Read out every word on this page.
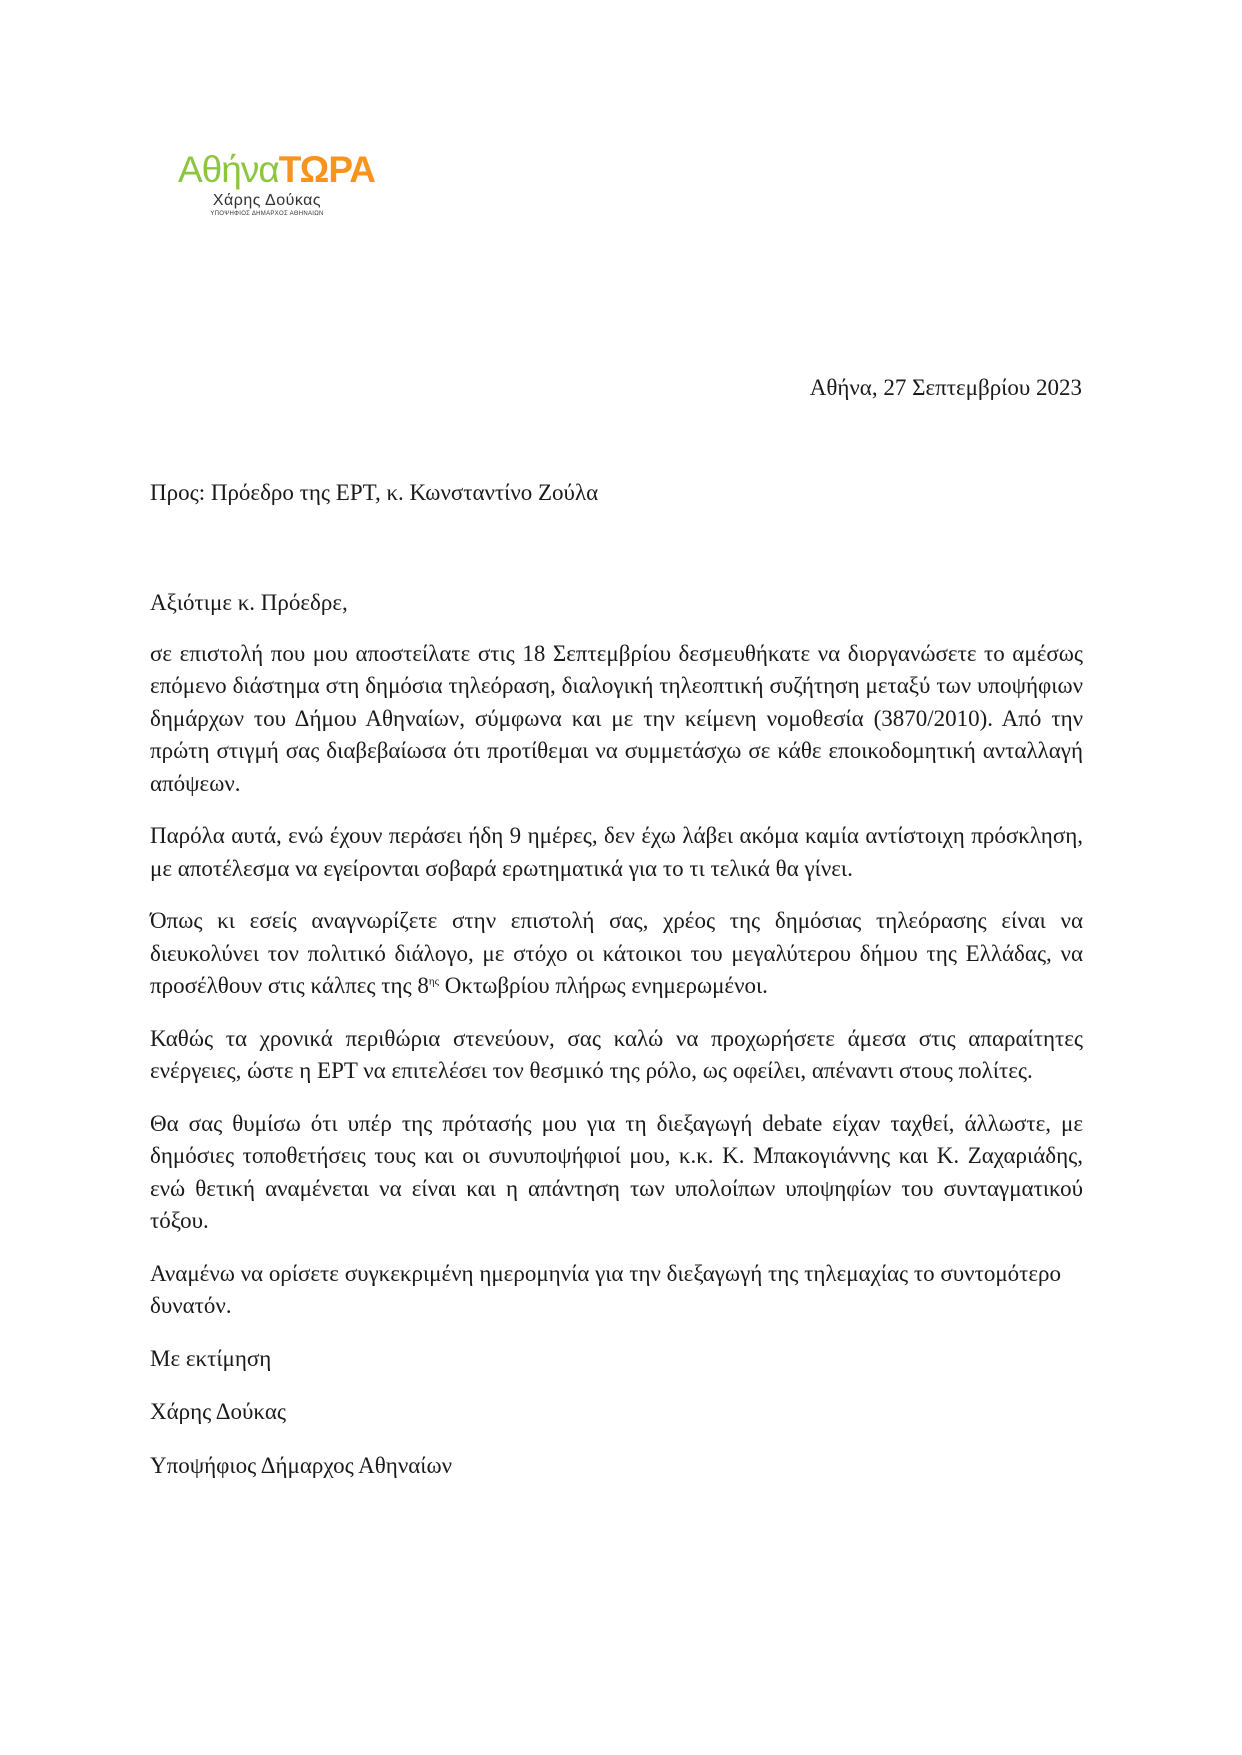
ΑθήναΤΩΡΑ
Χάρης Δούκας
ΥΠΟΨΗΦΙΟΣ ΔΗΜΑΡΧΟΣ ΑΘΗΝΑΙΩΝ
Αθήνα, 27 Σεπτεμβρίου 2023
Προς: Πρόεδρο της ΕΡΤ, κ. Κωνσταντίνο Ζούλα

Αξιότιμε κ. Πρόεδρε,

σε επιστολή που μου αποστείλατε στις 18 Σεπτεμβρίου δεσμευθήκατε να διοργανώσετε το αμέσως επόμενο διάστημα στη δημόσια τηλεόραση, διαλογική τηλεοπτική συζήτηση μεταξύ των υποψήφιων δημάρχων του Δήμου Αθηναίων, σύμφωνα και με την κείμενη νομοθεσία (3870/2010). Από την πρώτη στιγμή σας διαβεβαίωσα ότι προτίθεμαι να συμμετάσχω σε κάθε εποικοδομητική ανταλλαγή απόψεων.

Παρόλα αυτά, ενώ έχουν περάσει ήδη 9 ημέρες, δεν έχω λάβει ακόμα καμία αντίστοιχη πρόσκληση, με αποτέλεσμα να εγείρονται σοβαρά ερωτηματικά για το τι τελικά θα γίνει.

Όπως κι εσείς αναγνωρίζετε στην επιστολή σας, χρέος της δημόσιας τηλεόρασης είναι να διευκολύνει τον πολιτικό διάλογο, με στόχο οι κάτοικοι του μεγαλύτερου δήμου της Ελλάδας, να προσέλθουν στις κάλπες της $8^{\eta\varsigma}$ Οκτωβρίου πλήρως ενημερωμένοι.

Καθώς τα χρονικά περιθώρια στενεύουν, σας καλώ να προχωρήσετε άμεσα στις απαραίτητες ενέργειες, ώστε η ΕΡΤ να επιτελέσει τον θεσμικό της ρόλο, ως οφείλει, απέναντι στους πολίτες.

Θα σας θυμίσω ότι υπέρ της πρότασής μου για τη διεξαγωγή debate είχαν ταχθεί, άλλωστε, με δημόσιες τοποθετήσεις τους και οι συνυποψήφιοί μου, κ.κ. Κ. Μπακογιάννης και Κ. Ζαχαριάδης, ενώ θετική αναμένεται να είναι και η απάντηση των υπολοίπων υποψηφίων του συνταγματικού τόξου.

Αναμένω να ορίσετε συγκεκριμένη ημερομηνία για την διεξαγωγή της τηλεμαχίας το συντομότερο δυνατόν.

Με εκτίμηση

Χάρης Δούκας

Υποψήφιος Δήμαρχος Αθηναίων
